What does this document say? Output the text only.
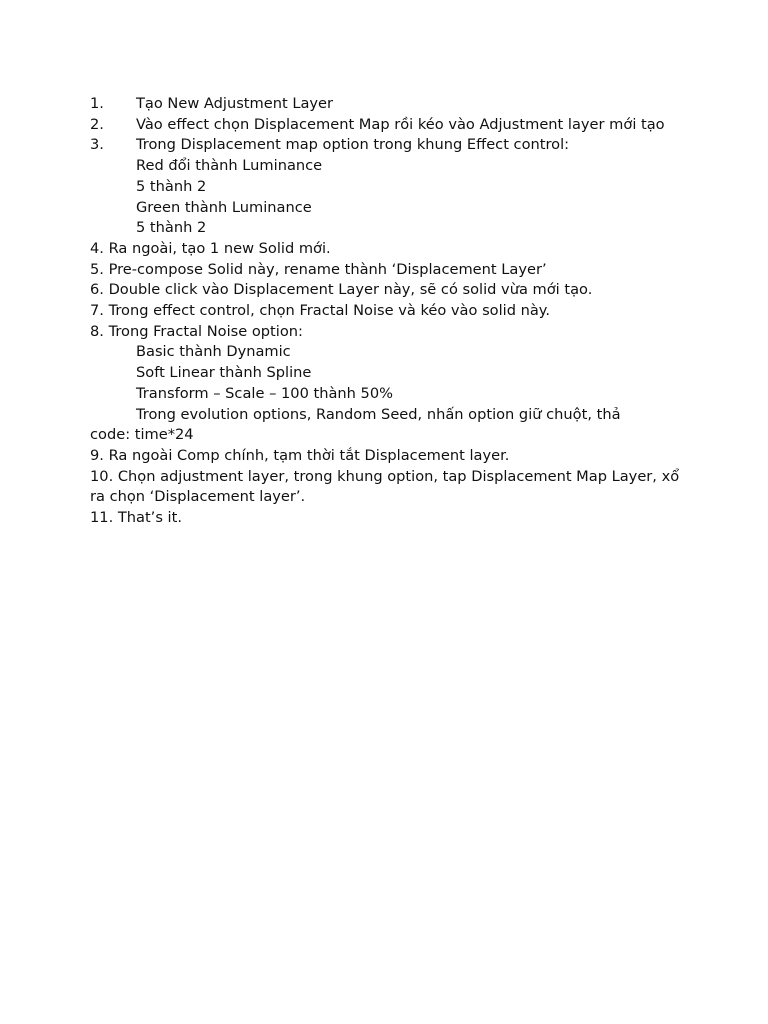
1.	Tạo New Adjustment Layer
2.	Vào effect chọn Displacement Map rồi kéo vào Adjustment layer mới tạo
3.	Trong Displacement map option trong khung Effect control:
Red đổi thành Luminance
5 thành 2
Green thành Luminance
5 thành 2
4. Ra ngoài, tạo 1 new Solid mới.
5. Pre-compose Solid này, rename thành ‘Displacement Layer’
6. Double click vào Displacement Layer này, sẽ có solid vừa mới tạo.
7. Trong effect control, chọn Fractal Noise và kéo vào solid này.
8. Trong Fractal Noise option:
Basic thành Dynamic
Soft Linear thành Spline
Transform – Scale – 100 thành 50%
Trong evolution options, Random Seed, nhấn option giữ chuột, thả
code: time*24
9. Ra ngoài Comp chính, tạm thời tắt Displacement layer.
10. Chọn adjustment layer, trong khung option, tap Displacement Map Layer, xổ ra chọn ‘Displacement layer’.
11. That’s it.
